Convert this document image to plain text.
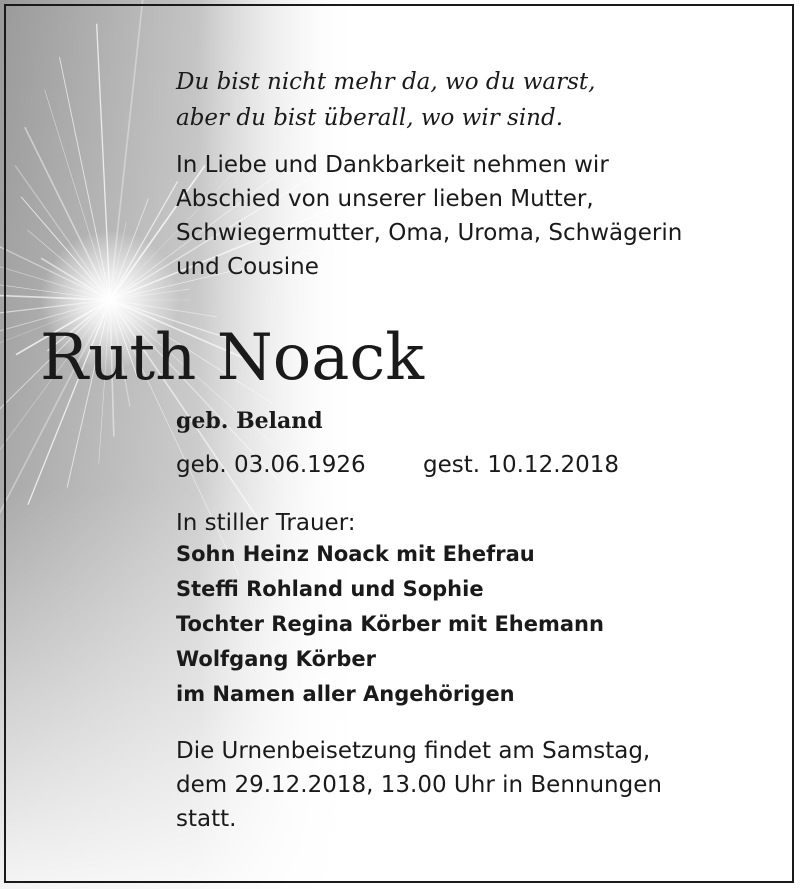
Du bist nicht mehr da, wo du warst,
aber du bist überall, wo wir sind.
In Liebe und Dankbarkeit nehmen wir
Abschied von unserer lieben Mutter,
Schwiegermutter, Oma, Uroma, Schwägerin
und Cousine
Ruth Noack
geb. Beland
geb. 03.06.1926 gest. 10.12.2018
In stiller Trauer:
Sohn Heinz Noack mit Ehefrau
Steffi Rohland und Sophie
Tochter Regina Körber mit Ehemann
Wolfgang Körber
im Namen aller Angehörigen
Die Urnenbeisetzung findet am Samstag,
dem 29.12.2018, 13.00 Uhr in Bennungen
statt.
